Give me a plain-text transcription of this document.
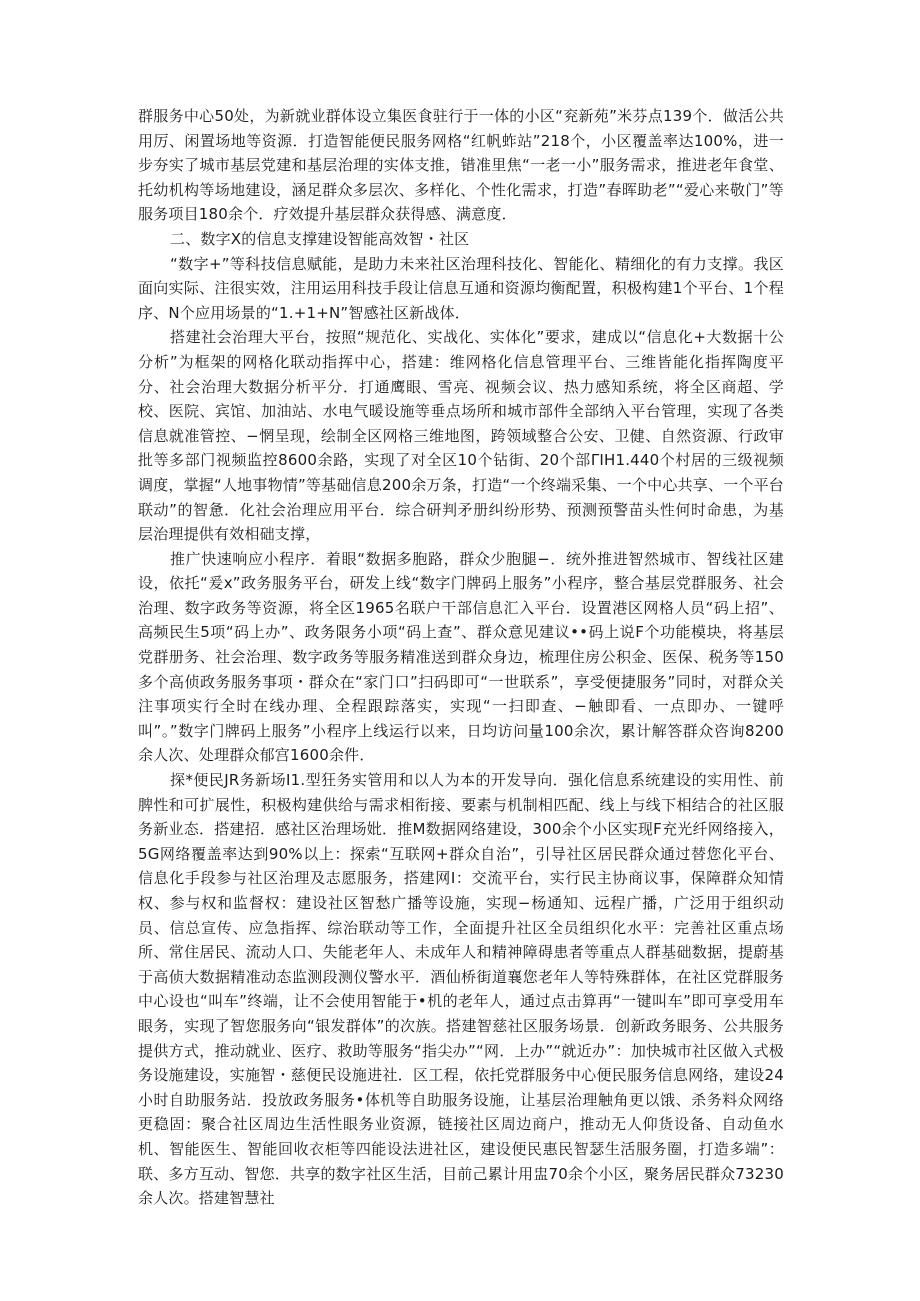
群服务中心50处，为新就业群体设立集医食驻行于一体的小区“兖新苑”米芬点139个．做活公共用厉、闲置场地等资源．打造智能便民服务网格“红帆蚱站”218个，小区覆盖率达100%，进一步夯实了城市基层党建和基层治理的实体支推，错准里焦“一老一小”服务需求，推进老年食堂、托幼机构等场地建设，涵足群众多层次、多样化、个性化需求，打造”春晖助老”“爱心来敬门”等服务项目180余个．疗效提升基层群众获得感、满意度．

二、数字X的信息支撑建设智能高效智・社区

“数字+”等科技信息赋能，是助力未来社区治理科技化、智能化、精细化的有力支撑。我区面向实际、注很实效，注用运用科技手段让信息互通和资源均衡配置，积极构建1个平台、1个程序、N个应用场景的“1.+1+N”智感社区新战体．

搭建社会治理大平台，按照“规范化、实战化、实体化”要求，建成以“信息化+大数据十公分析”为框架的网格化联动指挥中心，搭建：维网格化信息管理平台、三维皆能化指挥陶度平分、社会治理大数据分析平分．打通鹰眼、雪亮、视频会议、热力感知系统，将全区商超、学校、医院、宾馆、加油站、水电气暖设施等垂点场所和城市部件全部纳入平台管理，实现了各类信息就准管控、−惘呈现，绘制全区网格三维地图，跨领域整合公安、卫健、自然资源、行政审批等多部门视频监控8600余路，实现了对全区10个钻街、20个部ΓIH1.440个村居的三级视频调度，掌握“人地事物情”等基础信息200余万条，打造“一个终端采集、一个中心共享、一个平台联动”的智惫．化社会治理应用平台．综合研判矛册纠纷形势、预测预警苗头性何时命患，为基层治理提供有效相础支撑，

推广快速响应小程序．着眼“数据多胞路，群众少胞腿−．统外推进智然城市、智线社区建设，依托“爰x”政务服务平台，研发上线“数字门牌码上服务”小程序，整合基层党群服务、社会治理、数字政务等资源，将全区1965名联户干部信息汇入平台．设置港区网格人员“码上招”、高频民生5项“码上办”、政务限务小项“码上查”、群众意见建议••码上说F个功能模块，将基层党群册务、社会治理、数字政务等服务精准送到群众身边，梳理住房公积金、医保、税务等150多个高侦政务服务事项・群众在“家门口”扫码即可“一世联系”，享受便捷服务”同时，对群众关注事项实行全时在线办理、全程跟踪落实，实现“一扫即查、−触即看、一点即办、一键呼叫”。”数字门牌码上服务”小程序上线运行以来，日均访问量100余次，累计解答群众咨询8200余人次、处理群众郁宫1600余件．

探*便民JR务新场I1.型狂务实管用和以人为本的开发导向．强化信息系统建设的实用性、前脾性和可扩展性，积极构建供给与需求相衔接、要素与机制相匹配、线上与线下相结合的社区服务新业态．搭建招．感社区治理场妣．推M数据网络建设，300余个小区实现F充光纤网络接入，5G网络覆盖率达到90%以上：探索“互联网+群众自治”，引导社区居民群众通过替您化平台、信息化手段参与社区治理及志愿服务，搭建网I：交流平台，实行民主协商议事，保障群众知情权、参与权和监督权：建设社区智愁广播等设施，实现−杨通知、远程广播，广泛用于组织动员、信总宣传、应急指挥、综治联动等工作，全面提升社区全员组织化水平：完善社区重点场所、常住居民、流动人口、失能老年人、未成年人和精神障碍患者等重点人群基础数据，提蔚基于高侦大数据精准动态监测段测仪警水平．酒仙桥街道襄您老年人等特殊群体，在社区党群服务中心设也“叫车”终端，让不会使用智能于•机的老年人，通过点击算再“一键叫车”即可享受用车眼务，实现了智您服务向“银发群体”的次族。搭建智慈社区服务场景．创新政务眼务、公共服务提供方式，推动就业、医疗、救助等服务“指尖办”“网．上办”“就近办”：加快城市社区做入式极务设施建设，实施智・慈便民设施进社．区工程，依托党群服务中心便民服务信息网络，建设24小时自助服务站．投放政务服务•体机等自助服务设施，让基层治理触角更以饿、杀务料众网络更稳固：聚合社区周边生活性眼务业资源，链接社区周边商户，推动无人仰货设备、自动鱼水机、智能医生、智能回收衣柜等四能设法进社区，建设便民惠民智瑟生活服务圈，打造多端”：联、多方互动、智您．共享的数字社区生活，目前己累计用盅70余个小区，聚务居民群众73230余人次。搭建智慧社
